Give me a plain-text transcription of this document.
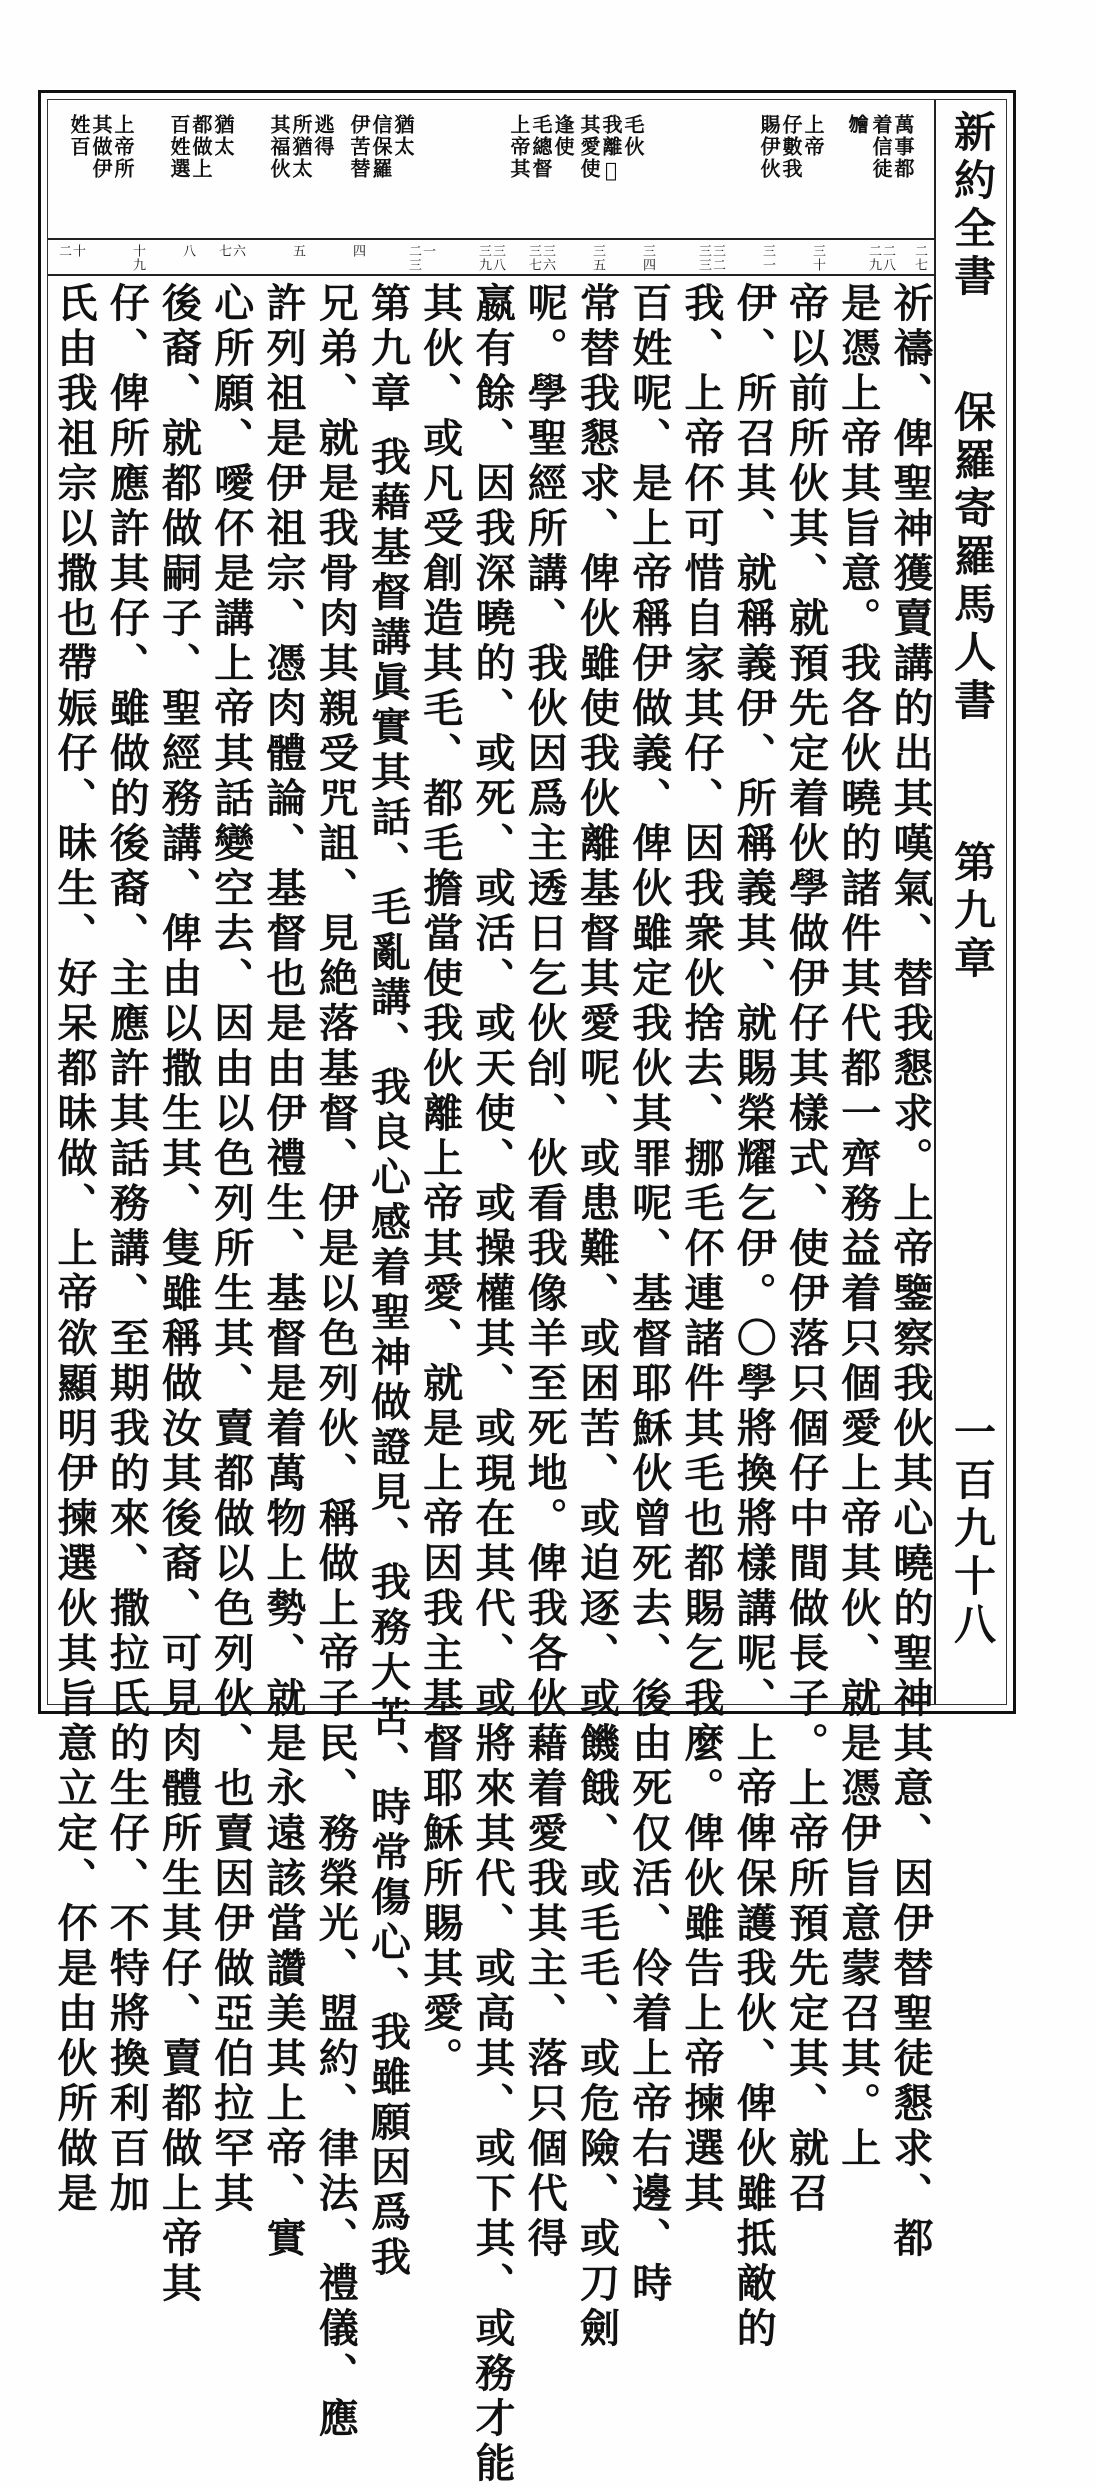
新約全書
保羅寄羅馬人書
第九章
一百九十八
萬事都
着信徒
𣍐
上帝
仔數我
賜伊伙
毛伙
我離𢬨
其愛使
逢使
毛總督
上帝其
猶太
信保羅
伊苦替
逃得
所猶太
其福伙
猶太
都做上
百姓選
上帝所
其做伊
姓百
二七
二八 二九
三十
三一
三二 三三
三四
三五
三六 三七
三八 三九
一 二三
四
五
六 七
八
十九
十 二
祈禱、俾聖神獲賣講的出其嘆氣、替我懇求。上帝鑒察我伙其心曉的聖神其意、因伊替聖徒懇求、都
是憑上帝其旨意。我各伙曉的諸件其代都一齊務益着只個愛上帝其伙、就是憑伊旨意蒙召其。上
帝以前所伙其、就預先定着伙學做伊仔其樣式、使伊落只個仔中間做長子。上帝所預先定其、就召
伊、所召其、就稱義伊、所稱義其、就賜榮耀乞伊。〇學將換將樣講呢、上帝俾保護我伙、俾伙雖抵敵的
我、上帝伓可惜自家其仔、因我衆伙捨去、挪毛伓連諸件其毛也都賜乞我麼。俾伙雖告上帝揀選其
百姓呢、是上帝稱伊做義、俾伙雖定我伙其罪呢、基督耶穌伙曾死去、後由死仅活、伶着上帝右邊、時
常替我懇求、俾伙雖使我伙離基督其愛呢、或患難、或困苦、或迫逐、或饑餓、或毛毛、或危險、或刀劍
呢。學聖經所講、我伙因爲主透日乞伙刣、伙看我像羊至死地。俾我各伙藉着愛我其主、落只個代得
嬴有餘、因我深曉的、或死、或活、或天使、或操權其、或現在其代、或將來其代、或高其、或下其、或務才能
其伙、或凡受創造其毛、都毛擔當使我伙離上帝其愛、就是上帝因我主基督耶穌所賜其愛。
第九章 我藉基督講眞實其話、毛亂講、我良心感着聖神做證見、我務大苦、時常傷心、我雖願因爲我
兄弟、就是我骨肉其親受咒詛、見絶落基督、伊是以色列伙、稱做上帝子民、務榮光、盟約、律法、禮儀、應
許列祖是伊祖宗、憑肉體論、基督也是由伊禮生、基督是着萬物上勢、就是永遠該當讚美其上帝、實
心所願、噯伓是講上帝其話變空去、因由以色列所生其、賣都做以色列伙、也賣因伊做亞伯拉罕其
後裔、就都做嗣子、聖經務講、俾由以撒生其、隻雖稱做汝其後裔、可見肉體所生其仔、賣都做上帝其
仔、俾所應許其仔、雖做的後裔、主應許其話務講、至期我的來、撒拉氏的生仔、不特將換利百加
氏由我祖宗以撒也帶娠仔、昧生、好呆都昧做、上帝欲顯明伊揀選伙其旨意立定、伓是由伙所做是
